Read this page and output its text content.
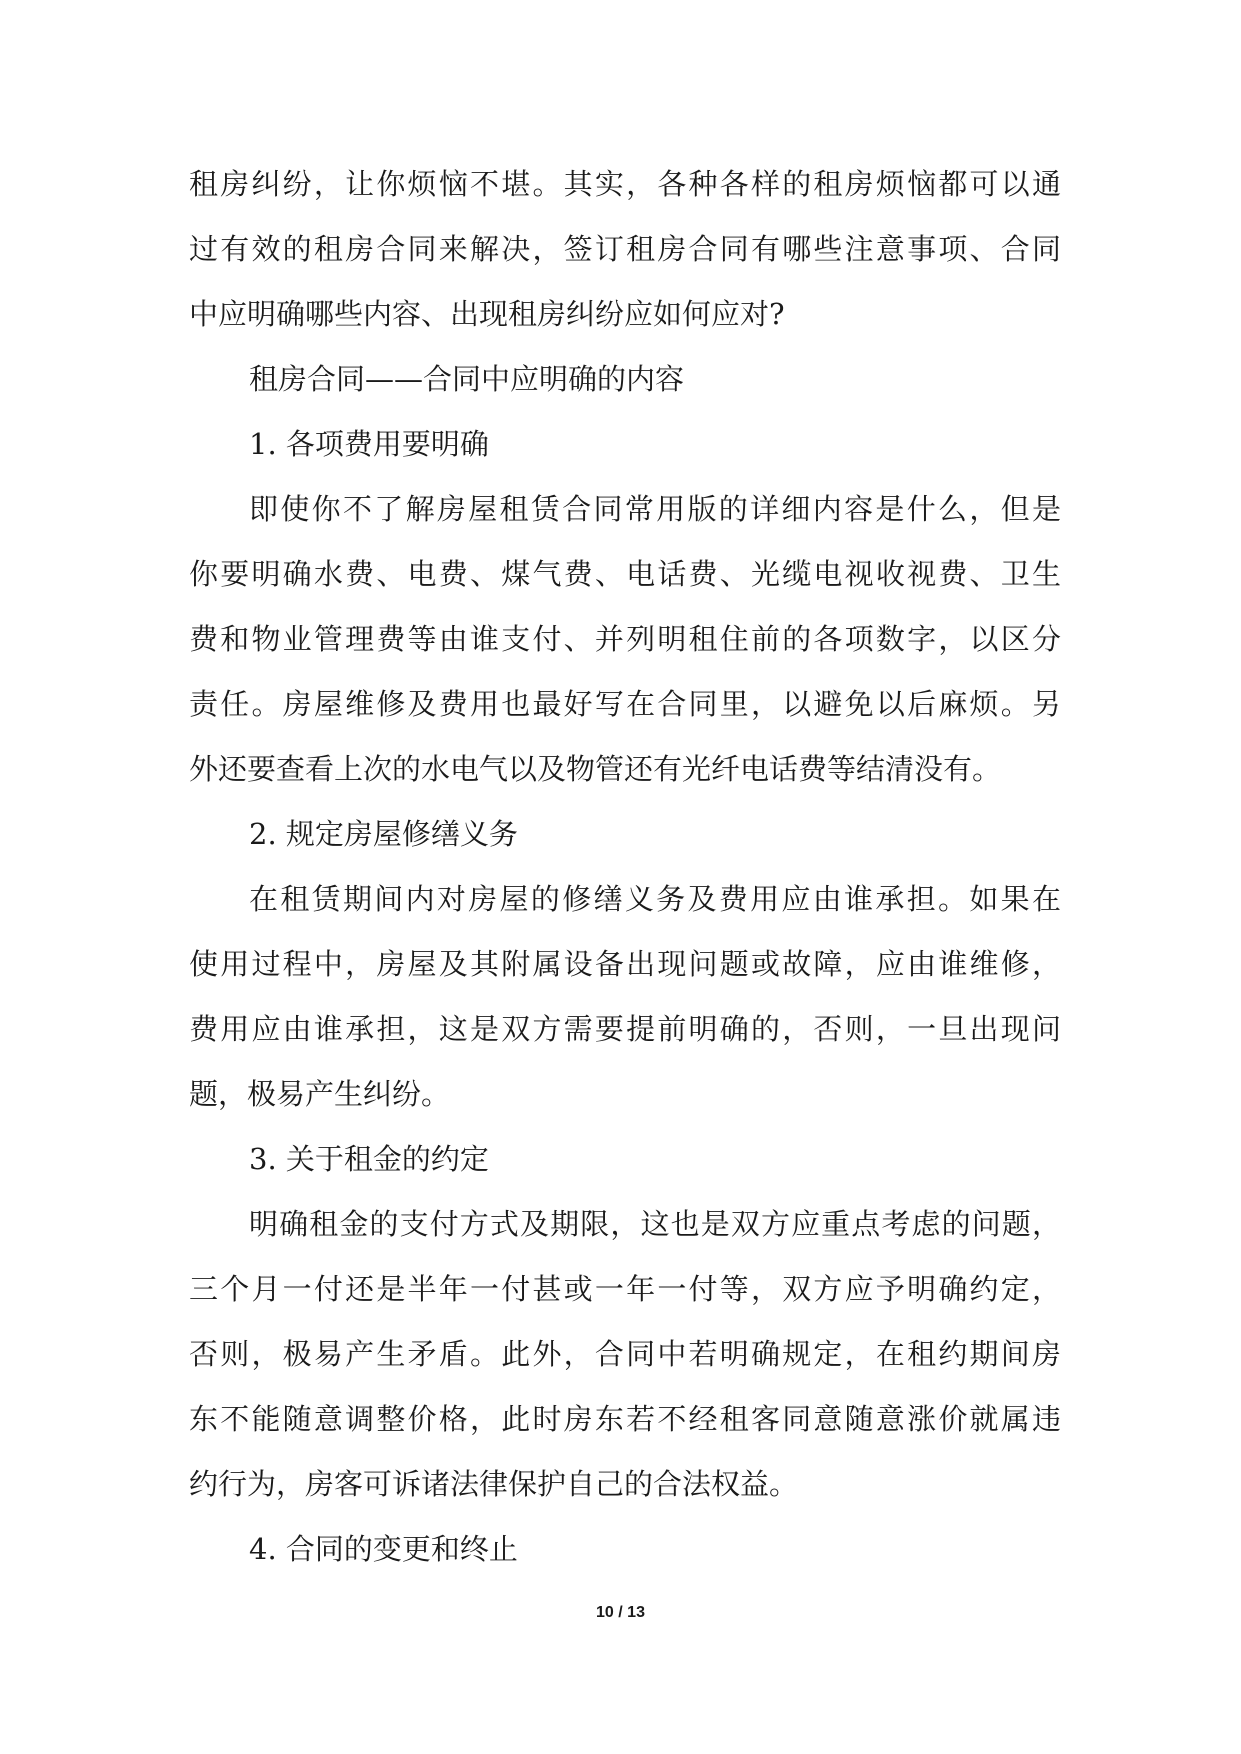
租房纠纷，让你烦恼不堪。其实，各种各样的租房烦恼都可以通
过有效的租房合同来解决，签订租房合同有哪些注意事项、合同
中应明确哪些内容、出现租房纠纷应如何应对?
租房合同——合同中应明确的内容
1. 各项费用要明确
即使你不了解房屋租赁合同常用版的详细内容是什么，但是
你要明确水费、电费、煤气费、电话费、光缆电视收视费、卫生
费和物业管理费等由谁支付、并列明租住前的各项数字，以区分
责任。房屋维修及费用也最好写在合同里，以避免以后麻烦。另
外还要查看上次的水电气以及物管还有光纤电话费等结清没有。
2. 规定房屋修缮义务
在租赁期间内对房屋的修缮义务及费用应由谁承担。如果在
使用过程中，房屋及其附属设备出现问题或故障，应由谁维修，
费用应由谁承担，这是双方需要提前明确的，否则，一旦出现问
题，极易产生纠纷。
3. 关于租金的约定
明确租金的支付方式及期限，这也是双方应重点考虑的问题，
三个月一付还是半年一付甚或一年一付等，双方应予明确约定，
否则，极易产生矛盾。此外，合同中若明确规定，在租约期间房
东不能随意调整价格，此时房东若不经租客同意随意涨价就属违
约行为，房客可诉诸法律保护自己的合法权益。
4. 合同的变更和终止
10 / 13
